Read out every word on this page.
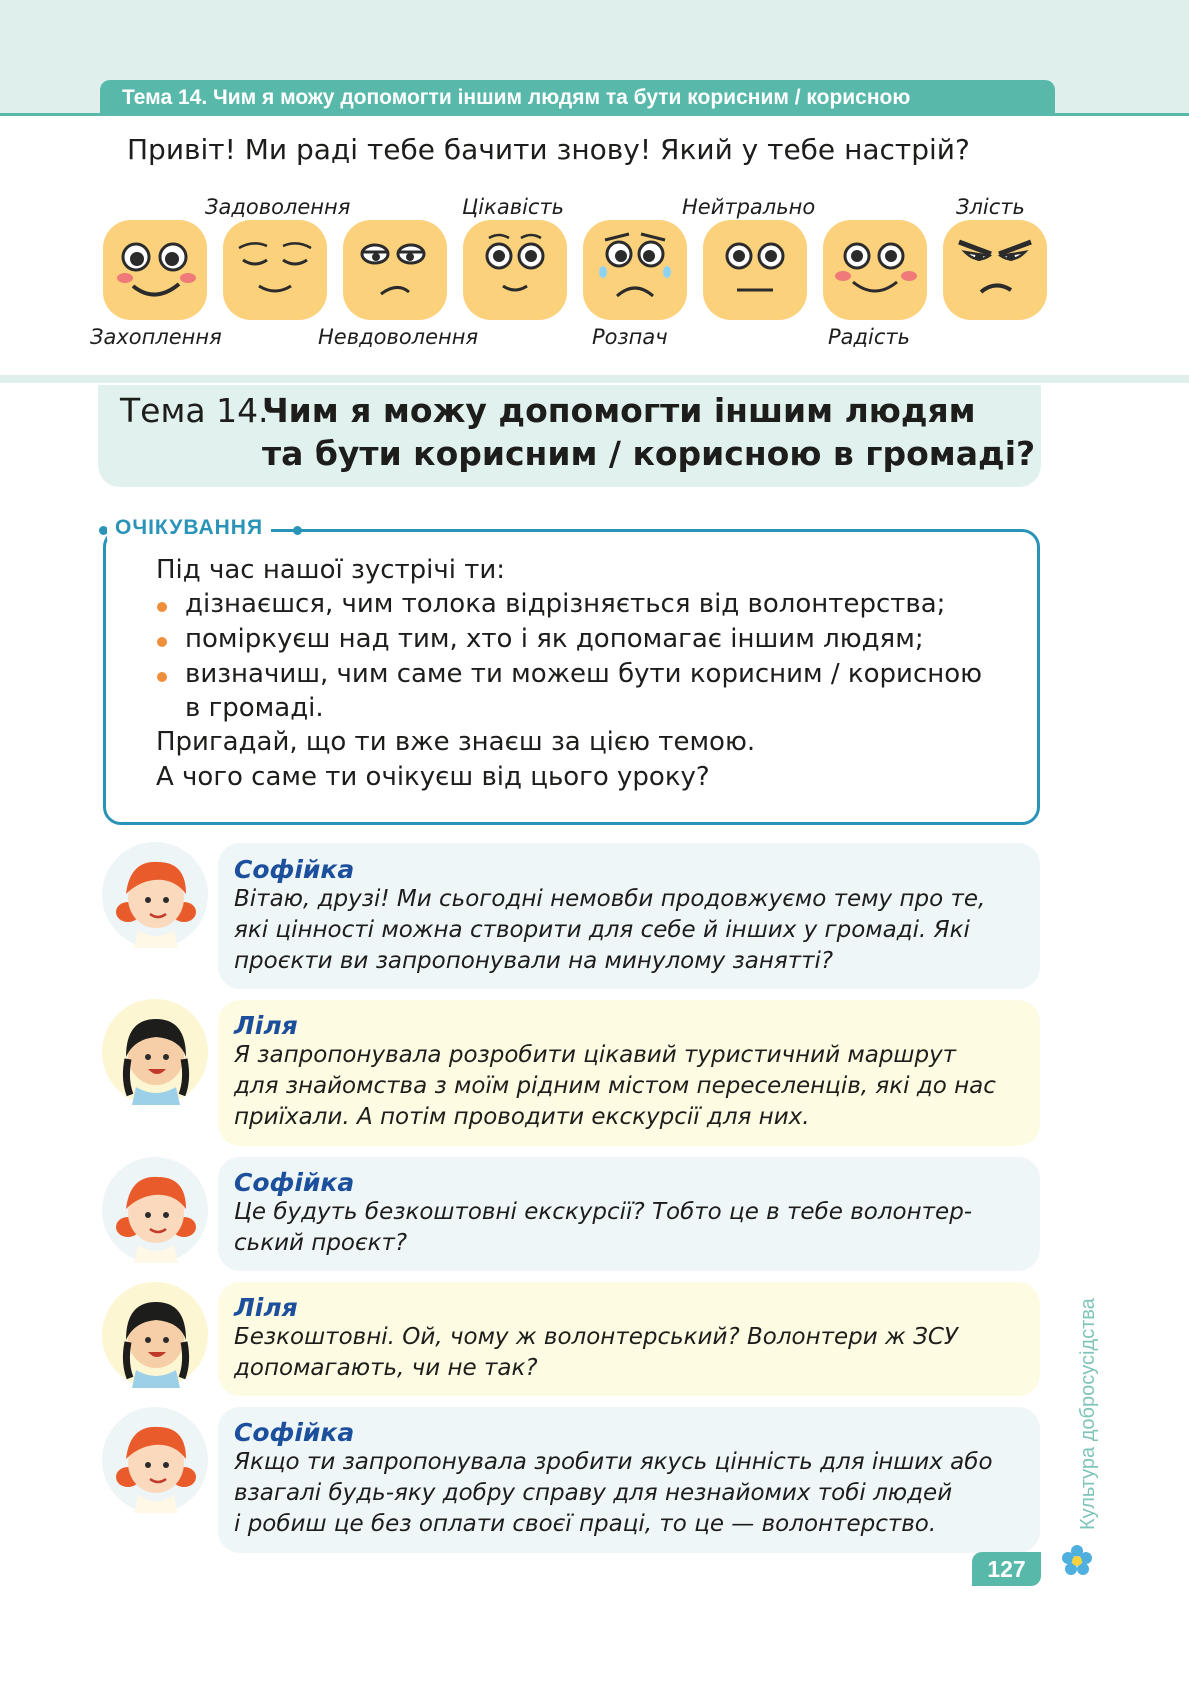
Тема 14. Чим я можу допомогти іншим людям та бути корисним / корисною
Привіт! Ми раді тебе бачити знову! Який у тебе настрій?
Задоволення	Цікавість	Нейтрально	Злість
Захоплення	Невдоволення	Розпач	Радість
Тема 14.
Чим я можу допомогти іншим людям
та бути корисним / корисною в громаді?
ОЧІКУВАННЯ
Під час нашої зустрічі ти:
дізнаєшся, чим толока відрізняється від волонтерства;
поміркуєш над тим, хто і як допомагає іншим людям;
визначиш, чим саме ти можеш бути корисним / корисною
в громаді.
Пригадай, що ти вже знаєш за цією темою.
А чого саме ти очікуєш від цього уроку?
Софійка
Вітаю, друзі! Ми сьогодні немовби продовжуємо тему про те,
які цінності можна створити для себе й інших у громаді. Які
проєкти ви запропонували на минулому занятті?
Ліля
Я запропонувала розробити цікавий туристичний маршрут
для знайомства з моїм рідним містом переселенців, які до нас
приїхали. А потім проводити екскурсії для них.
Софійка
Це будуть безкоштовні екскурсії? Тобто це в тебе волонтер-
ський проєкт?
Ліля
Безкоштовні. Ой, чому ж волонтерський? Волонтери ж ЗСУ
допомагають, чи не так?
Софійка
Якщо ти запропонувала зробити якусь цінність для інших або
взагалі будь-яку добру справу для незнайомих тобі людей
і робиш це без оплати своєї праці, то це — волонтерство.	Культура добросусідства
127
